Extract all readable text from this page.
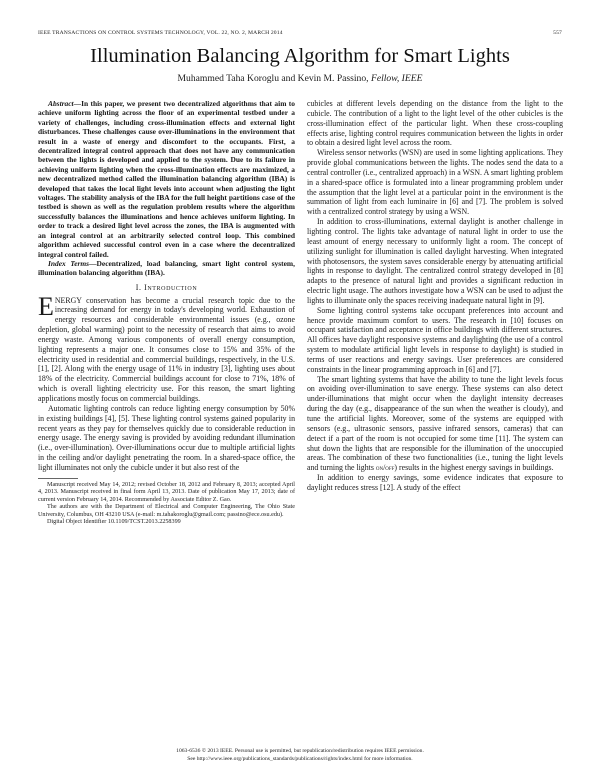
IEEE TRANSACTIONS ON CONTROL SYSTEMS TECHNOLOGY, VOL. 22, NO. 2, MARCH 2014	557
Illumination Balancing Algorithm for Smart Lights
Muhammed Taha Koroglu and Kevin M. Passino, Fellow, IEEE

Abstract—In this paper, we present two decentralized algorithms that aim to achieve uniform lighting across the floor of an experimental testbed under a variety of challenges, including cross-illumination effects and external light disturbances. These challenges cause over-illuminations in the environment that result in a waste of energy and discomfort to the occupants. First, a decentralized integral control approach that does not have any communication between the lights is developed and applied to the system. Due to its failure in achieving uniform lighting when the cross-illumination effects are maximized, a new decentralized method called the illumination balancing algorithm (IBA) is developed that takes the local light levels into account when adjusting the light voltages. The stability analysis of the IBA for the full height partitions case of the testbed is shown as well as the regulation problem results where the algorithm successfully balances the illuminations and hence achieves uniform lighting. In order to track a desired light level across the zones, the IBA is augmented with an integral control at an arbitrarily selected control loop. This combined algorithm achieved successful control even in a case where the decentralized integral control failed.

Index Terms—Decentralized, load balancing, smart light control system, illumination balancing algorithm (IBA).

I. Introduction

ENERGY conservation has become a crucial research topic due to the increasing demand for energy in today's developing world. Exhaustion of energy resources and considerable environmental issues (e.g., ozone depletion, global warming) point to the necessity of research that aims to avoid energy waste. Among various components of overall energy consumption, lighting represents a major one. It consumes close to 15% and 35% of the electricity used in residential and commercial buildings, respectively, in the U.S. [1], [2]. Along with the energy usage of 11% in industry [3], lighting uses about 18% of the electricity. Commercial buildings account for close to 71%, 18% of which is overall lighting electricity use. For this reason, the smart lighting applications mostly focus on commercial buildings.

Automatic lighting controls can reduce lighting energy consumption by 50% in existing buildings [4], [5]. These lighting control systems gained popularity in recent years as they pay for themselves quickly due to considerable reduction in energy usage. The energy saving is provided by avoiding redundant illumination (i.e., over-illumination). Over-illuminations occur due to multiple artificial lights in the ceiling and/or daylight penetrating the room. In a shared-space office, the light illuminates not only the cubicle under it but also rest of the

Manuscript received May 14, 2012; revised October 18, 2012 and February 8, 2013; accepted April 4, 2013. Manuscript received in final form April 13, 2013. Date of publication May 17, 2013; date of current version February 14, 2014. Recommended by Associate Editor Z. Gao.

The authors are with the Department of Electrical and Computer Engineering, The Ohio State University, Columbus, OH 43210 USA (e-mail: m.tahakoroglu@gmail.com; passino@ece.osu.edu).

Digital Object Identifier 10.1109/TCST.2013.2258399

cubicles at different levels depending on the distance from the light to the cubicle. The contribution of a light to the light level of the other cubicles is the cross-illumination effect of the particular light. When these cross-coupling effects arise, lighting control requires communication between the lights in order to obtain a desired light level across the room.

Wireless sensor networks (WSN) are used in some lighting applications. They provide global communications between the lights. The nodes send the data to a central controller (i.e., centralized approach) in a WSN. A smart lighting problem in a shared-space office is formulated into a linear programming problem under the assumption that the light level at a particular point in the environment is the summation of light from each luminaire in [6] and [7]. The problem is solved with a centralized control strategy by using a WSN.

In addition to cross-illuminations, external daylight is another challenge in lighting control. The lights take advantage of natural light in order to use the least amount of energy necessary to uniformly light a room. The concept of utilizing sunlight for illumination is called daylight harvesting. When integrated with photosensors, the system saves considerable energy by attenuating artificial lights in response to daylight. The centralized control strategy developed in [8] adapts to the presence of natural light and provides a significant reduction in electric light usage. The authors investigate how a WSN can be used to adjust the lights to illuminate only the spaces receiving inadequate natural light in [9].

Some lighting control systems take occupant preferences into account and hence provide maximum comfort to users. The research in [10] focuses on occupant satisfaction and acceptance in office buildings with different structures. All offices have daylight responsive systems and daylighting (the use of a control system to modulate artificial light levels in response to daylight) is studied in terms of user reactions and energy savings. User preferences are considered constraints in the linear programming approach in [6] and [7].

The smart lighting systems that have the ability to tune the light levels focus on avoiding over-illumination to save energy. These systems can also detect under-illuminations that might occur when the daylight intensity decreases during the day (e.g., disappearance of the sun when the weather is cloudy), and tune the artificial lights. Moreover, some of the systems are equipped with sensors (e.g., ultrasonic sensors, passive infrared sensors, cameras) that can detect if a part of the room is not occupied for some time [11]. The system can shut down the lights that are responsible for the illumination of the unoccupied areas. The combination of these two functionalities (i.e., tuning the light levels and turning the lights on/off) results in the highest energy savings in buildings.

In addition to energy savings, some evidence indicates that exposure to daylight reduces stress [12]. A study of the effect

1063-6536 © 2013 IEEE. Personal use is permitted, but republication/redistribution requires IEEE permission.
See http://www.ieee.org/publications_standards/publications/rights/index.html for more information.
